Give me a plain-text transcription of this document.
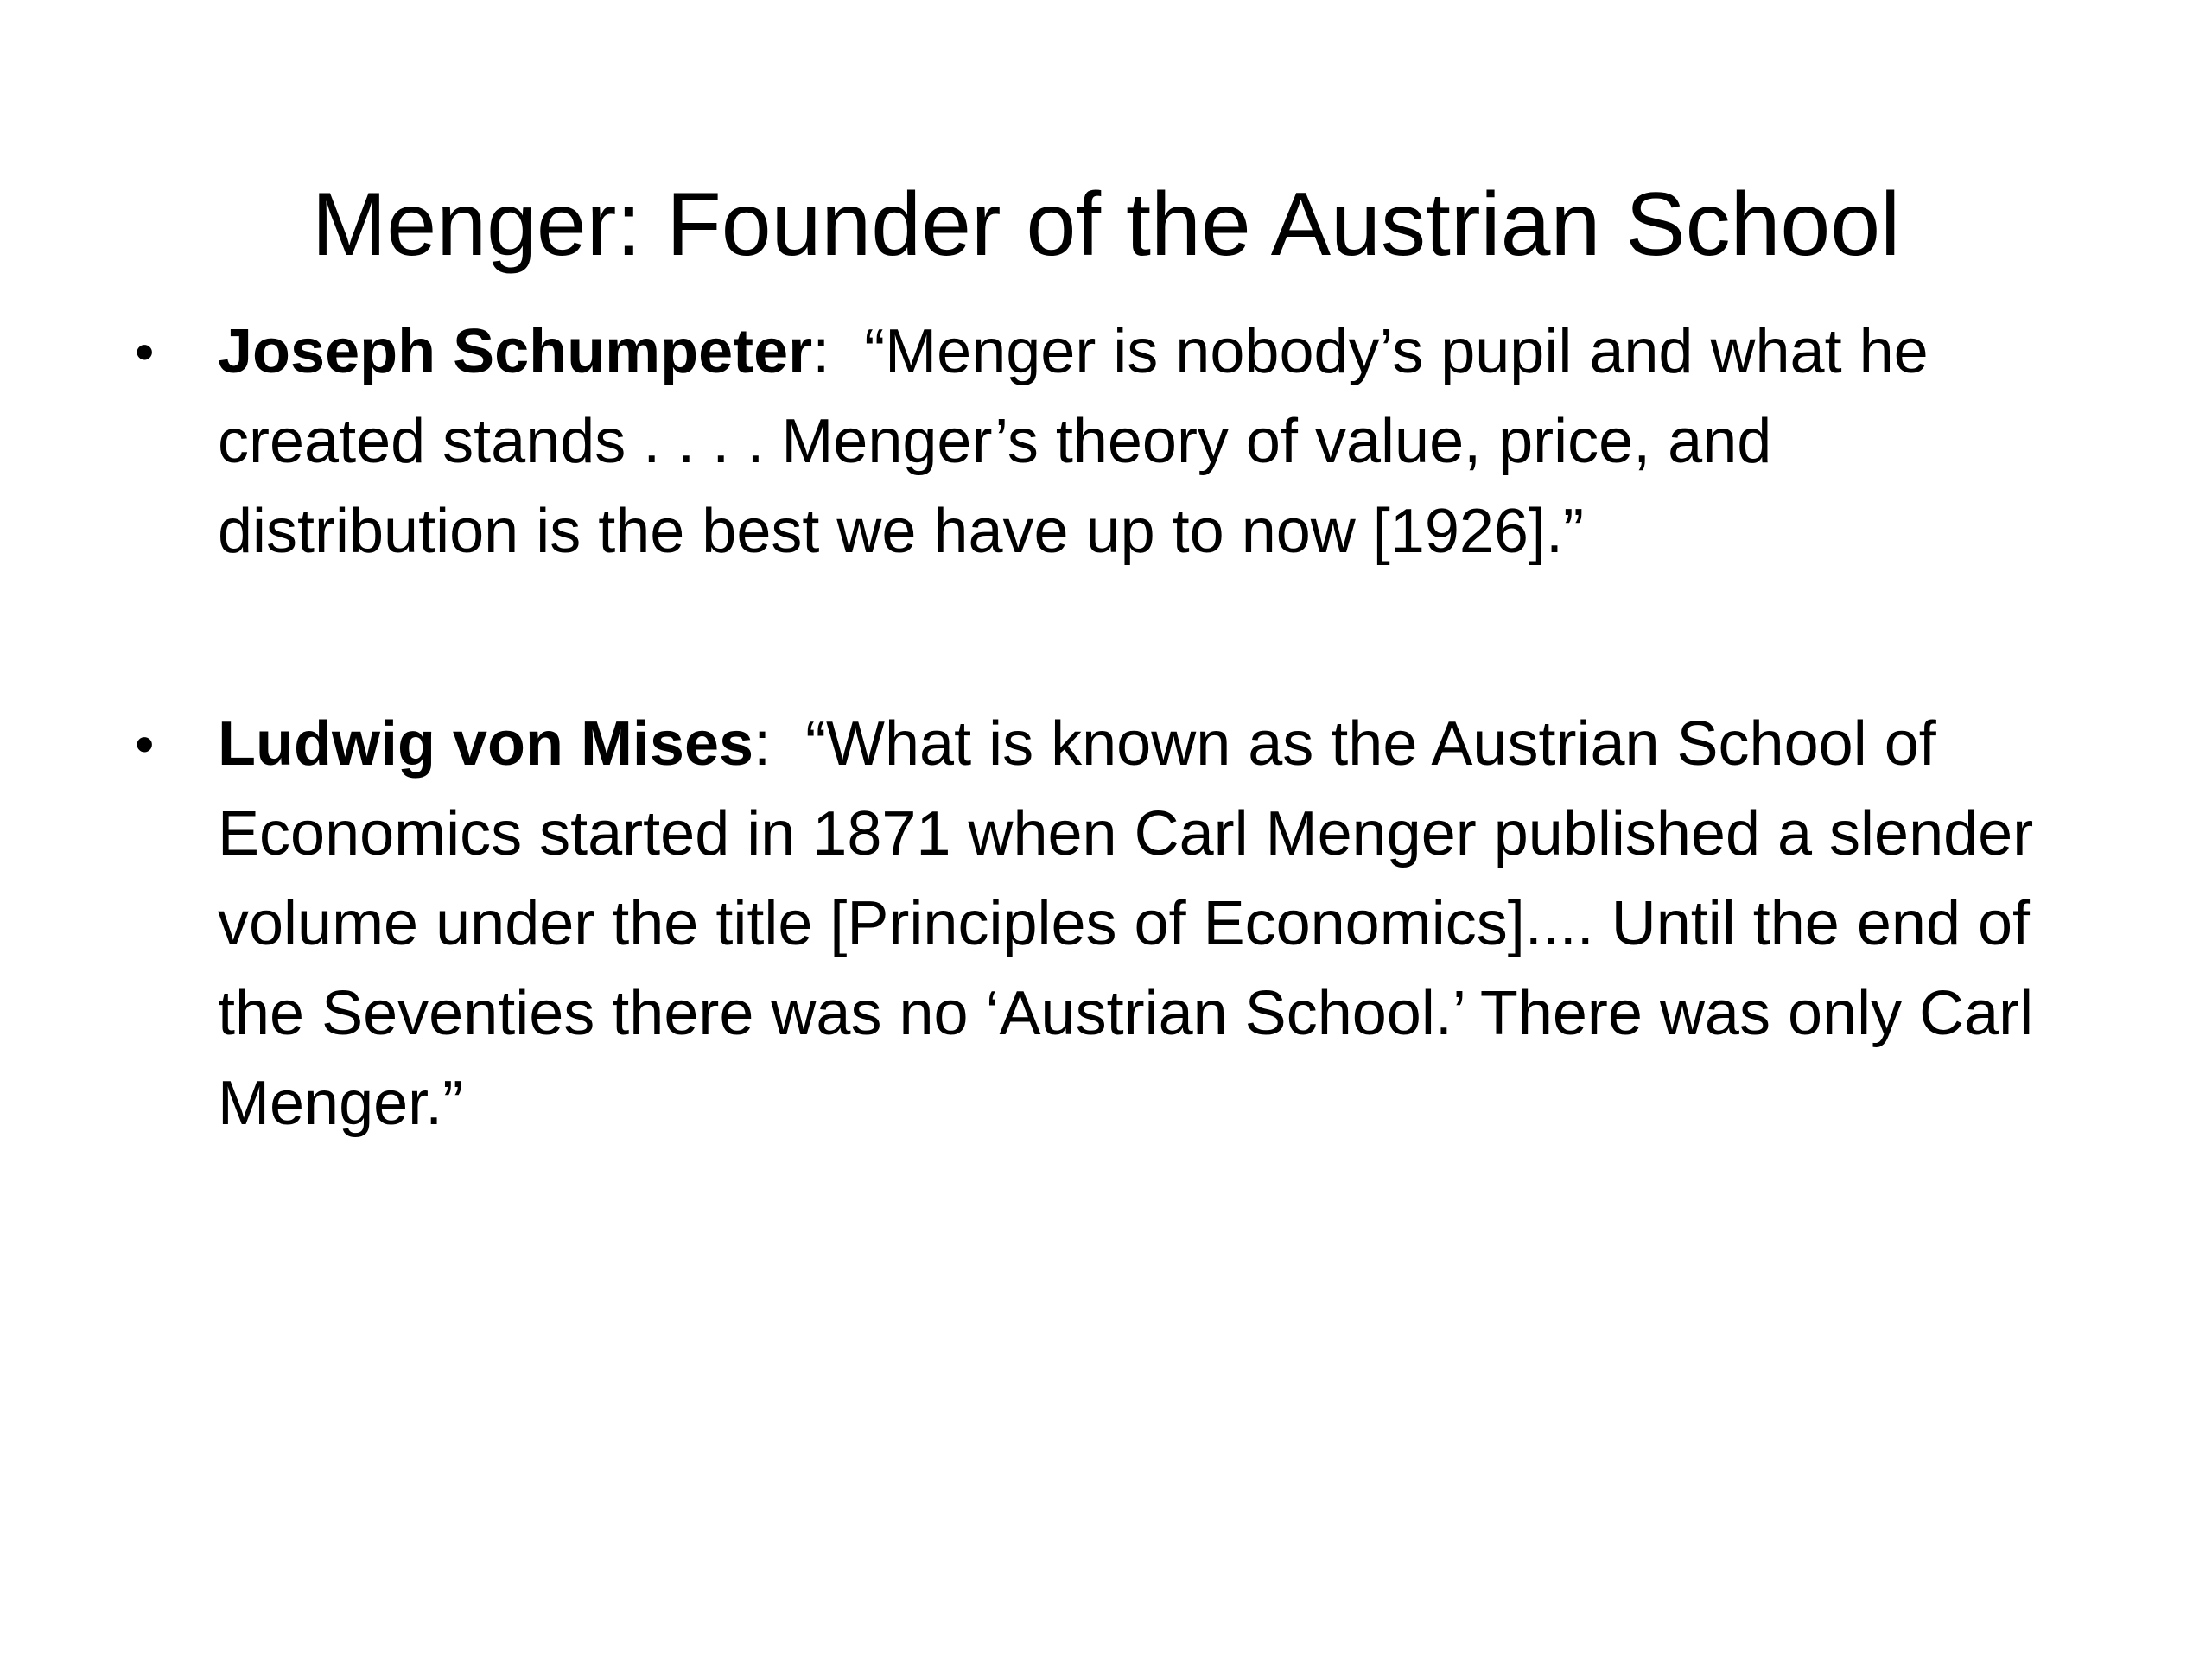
Menger: Founder of the Austrian School
• Joseph Schumpeter:  “Menger is nobody’s pupil and what he created stands . . . . Menger’s theory of value, price, and distribution is the best we have up to now [1926].”
• Ludwig von Mises:  “What is known as the Austrian School of Economics started in 1871 when Carl Menger published a slender volume under the title [Principles of Economics].... Until the end of the Seventies there was no ‘Austrian School.’ There was only Carl Menger.”
